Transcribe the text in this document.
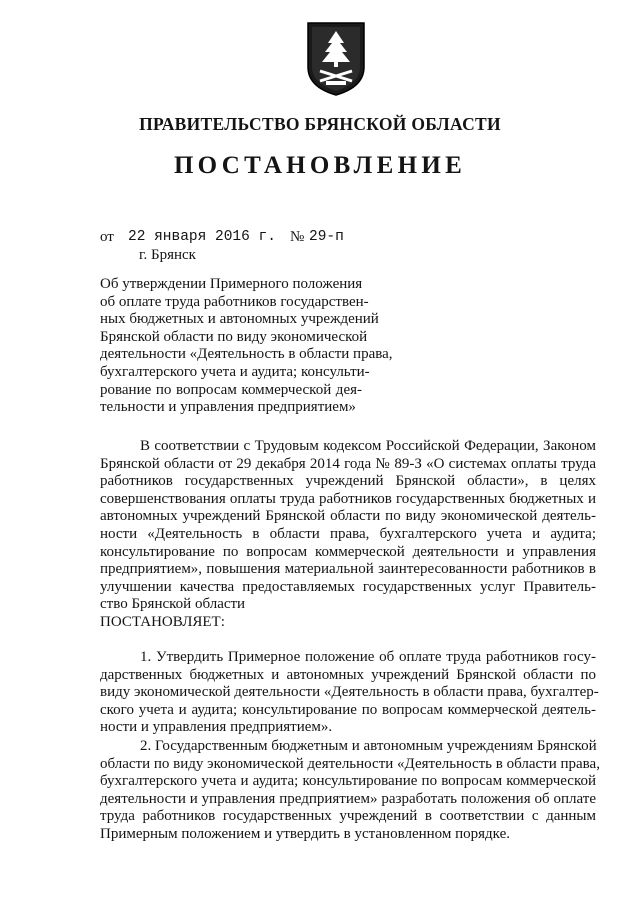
ПРАВИТЕЛЬСТВО БРЯНСКОЙ ОБЛАСТИ
ПОСТАНОВЛЕНИЕ
от 22 января 2016 г. № 29-п
г. Брянск
Об утверждении Примерного положения
об оплате труда работников государствен-
ных бюджетных и автономных учреждений
Брянской области по виду экономической
деятельности «Деятельность в области права,
бухгалтерского учета и аудита; консульти-
рование по вопросам коммерческой дея-
тельности и управления предприятием»
В соответствии с Трудовым кодексом Российской Федерации, Законом
Брянской области от 29 декабря 2014 года № 89-З «О системах оплаты труда
работников государственных учреждений Брянской области», в целях
совершенствования оплаты труда работников государственных бюджетных и
автономных учреждений Брянской области по виду экономической деятель-
ности «Деятельность в области права, бухгалтерского учета и аудита;
консультирование по вопросам коммерческой деятельности и управления
предприятием», повышения материальной заинтересованности работников в
улучшении качества предоставляемых государственных услуг Правитель-
ство Брянской области
ПОСТАНОВЛЯЕТ:
1. Утвердить Примерное положение об оплате труда работников госу-
дарственных бюджетных и автономных учреждений Брянской области по
виду экономической деятельности «Деятельность в области права, бухгалтер-
ского учета и аудита; консультирование по вопросам коммерческой деятель-
ности и управления предприятием».
2. Государственным бюджетным и автономным учреждениям Брянской
области по виду экономической деятельности «Деятельность в области права,
бухгалтерского учета и аудита; консультирование по вопросам коммерческой
деятельности и управления предприятием» разработать положения об оплате
труда работников государственных учреждений в соответствии с данным
Примерным положением и утвердить в установленном порядке.
